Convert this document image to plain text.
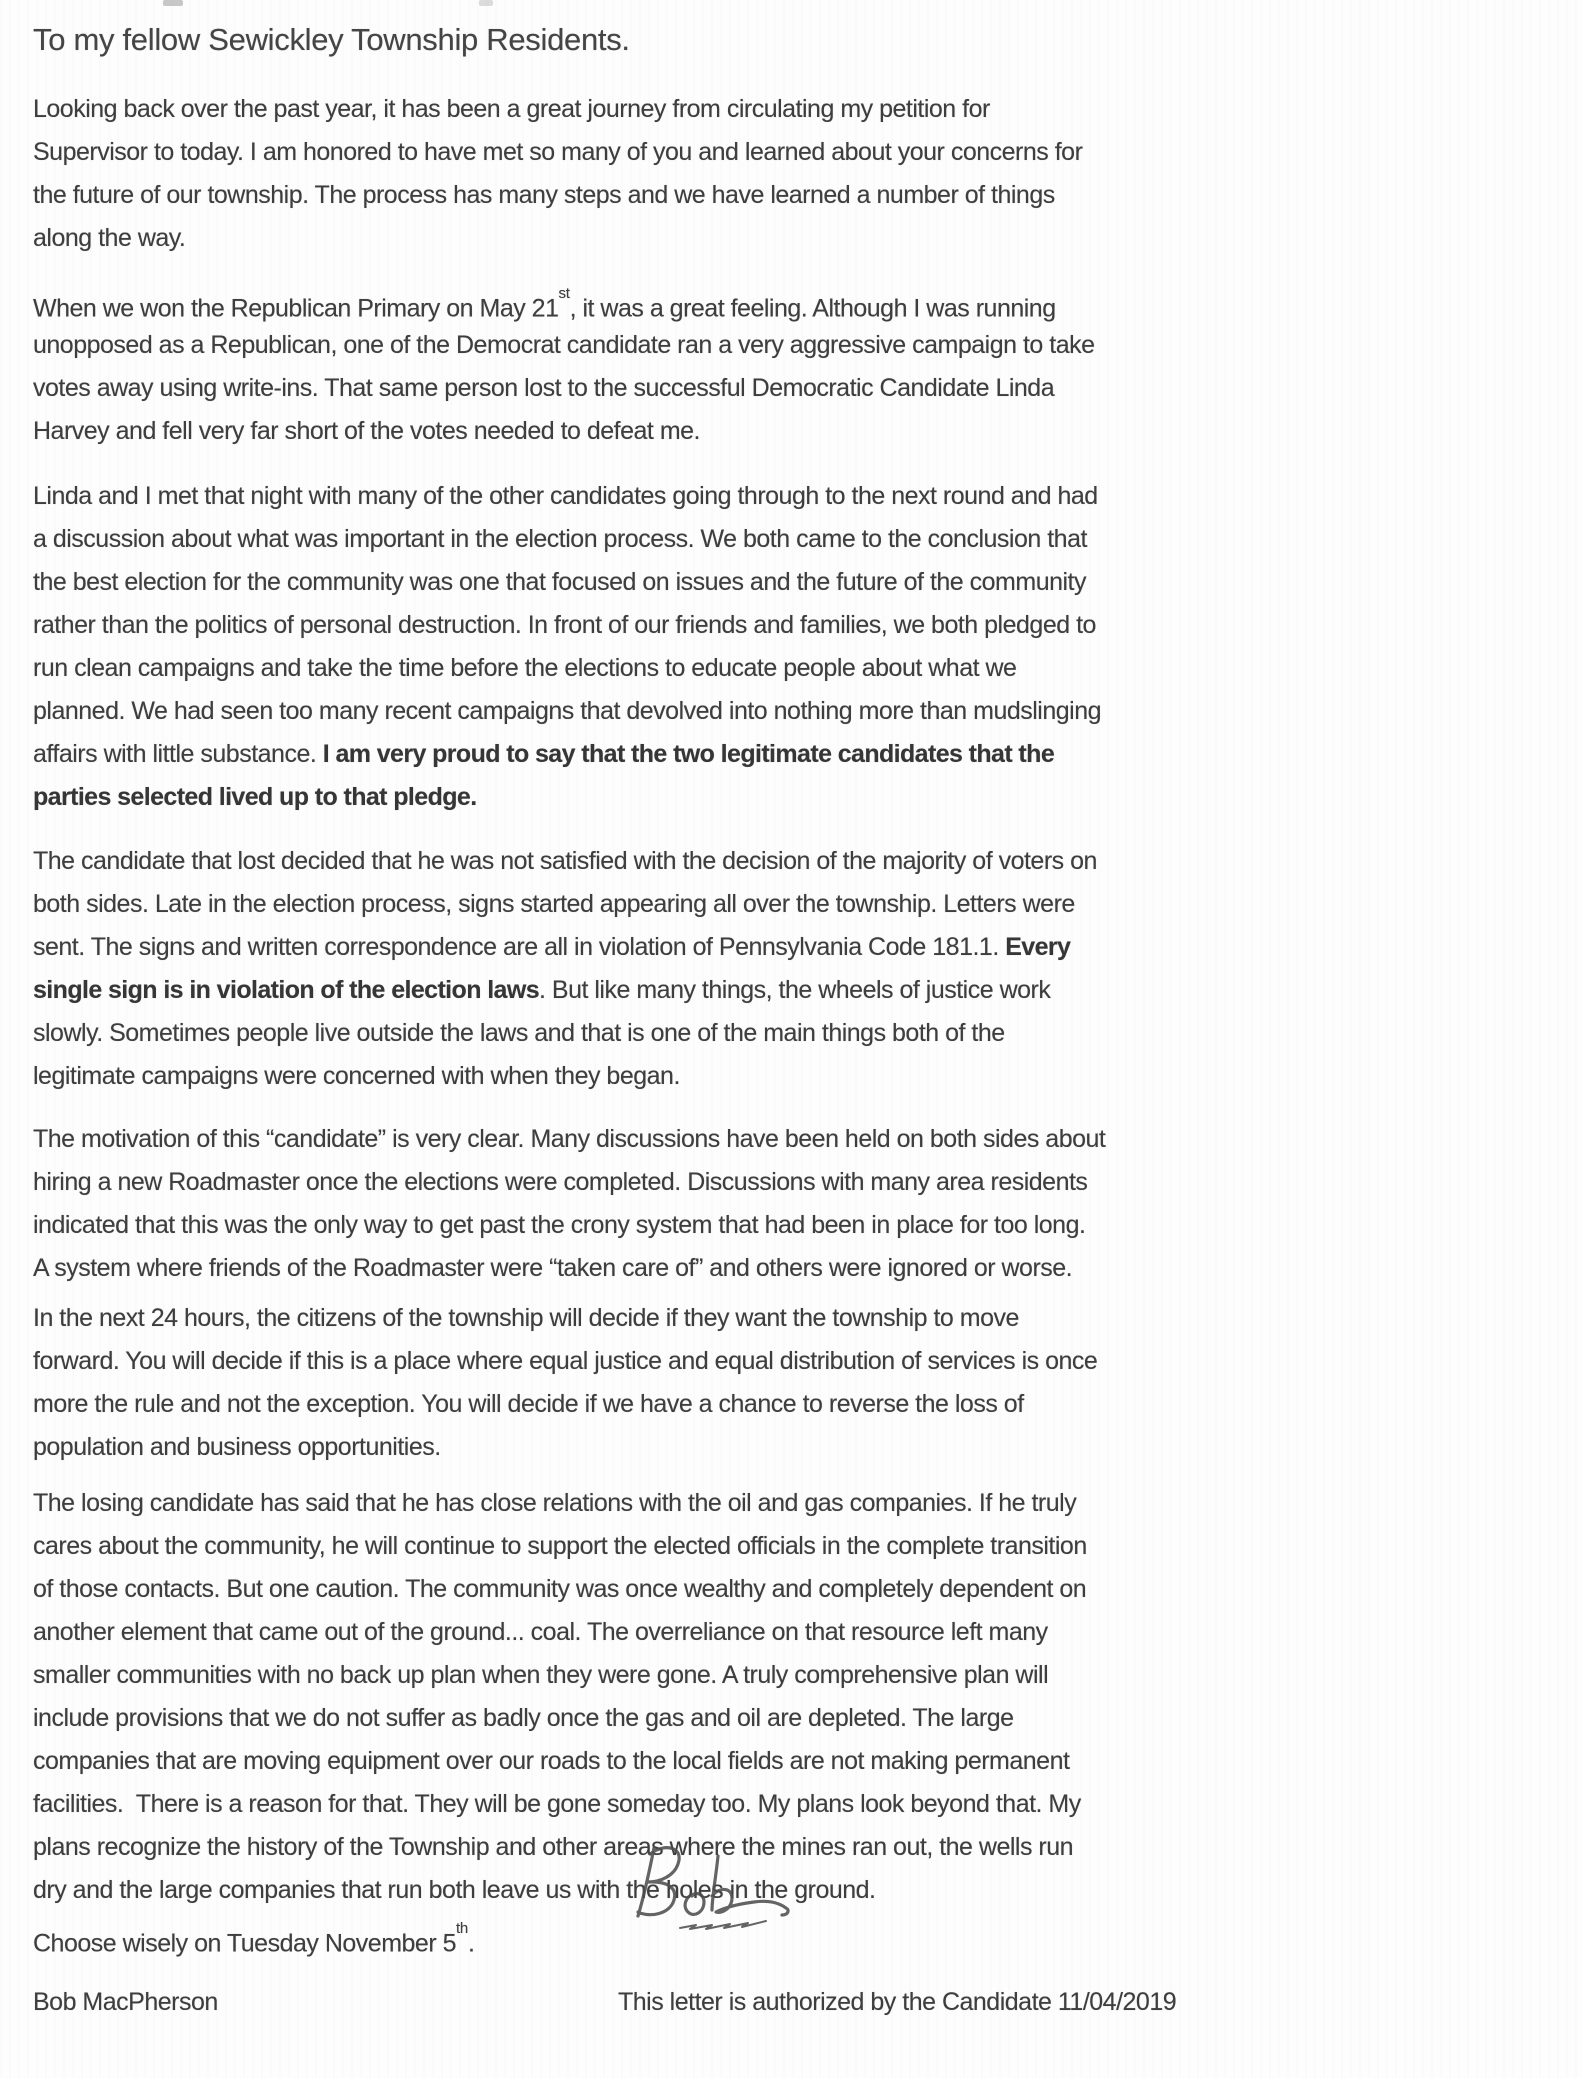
To my fellow Sewickley Township Residents.
Looking back over the past year, it has been a great journey from circulating my petition for
Supervisor to today. I am honored to have met so many of you and learned about your concerns for
the future of our township. The process has many steps and we have learned a number of things
along the way.
When we won the Republican Primary on May 21st, it was a great feeling. Although I was running
unopposed as a Republican, one of the Democrat candidate ran a very aggressive campaign to take
votes away using write-ins. That same person lost to the successful Democratic Candidate Linda
Harvey and fell very far short of the votes needed to defeat me.
Linda and I met that night with many of the other candidates going through to the next round and had
a discussion about what was important in the election process. We both came to the conclusion that
the best election for the community was one that focused on issues and the future of the community
rather than the politics of personal destruction. In front of our friends and families, we both pledged to
run clean campaigns and take the time before the elections to educate people about what we
planned. We had seen too many recent campaigns that devolved into nothing more than mudslinging
affairs with little substance. I am very proud to say that the two legitimate candidates that the
parties selected lived up to that pledge.
The candidate that lost decided that he was not satisfied with the decision of the majority of voters on
both sides. Late in the election process, signs started appearing all over the township. Letters were
sent. The signs and written correspondence are all in violation of Pennsylvania Code 181.1. Every
single sign is in violation of the election laws. But like many things, the wheels of justice work
slowly. Sometimes people live outside the laws and that is one of the main things both of the
legitimate campaigns were concerned with when they began.
The motivation of this “candidate” is very clear. Many discussions have been held on both sides about
hiring a new Roadmaster once the elections were completed. Discussions with many area residents
indicated that this was the only way to get past the crony system that had been in place for too long.
A system where friends of the Roadmaster were “taken care of” and others were ignored or worse.
In the next 24 hours, the citizens of the township will decide if they want the township to move
forward. You will decide if this is a place where equal justice and equal distribution of services is once
more the rule and not the exception. You will decide if we have a chance to reverse the loss of
population and business opportunities.
The losing candidate has said that he has close relations with the oil and gas companies. If he truly
cares about the community, he will continue to support the elected officials in the complete transition
of those contacts. But one caution. The community was once wealthy and completely dependent on
another element that came out of the ground... coal. The overreliance on that resource left many
smaller communities with no back up plan when they were gone. A truly comprehensive plan will
include provisions that we do not suffer as badly once the gas and oil are depleted. The large
companies that are moving equipment over our roads to the local fields are not making permanent
facilities.  There is a reason for that. They will be gone someday too. My plans look beyond that. My
plans recognize the history of the Township and other areas where the mines ran out, the wells run
dry and the large companies that run both leave us with the holes in the ground.
Choose wisely on Tuesday November 5th.
Bob MacPherson	This letter is authorized by the Candidate 11/04/2019
